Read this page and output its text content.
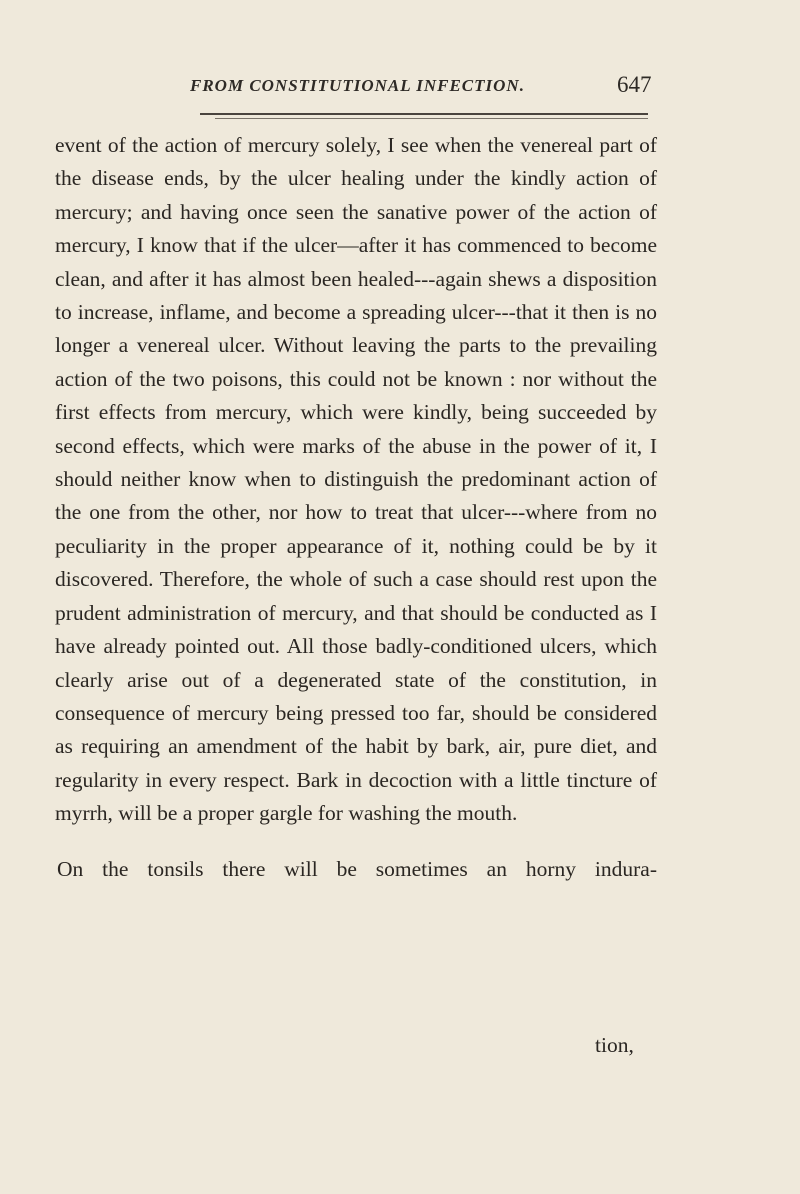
FROM CONSTITUTIONAL INFECTION.	647

event of the action of mercury solely, I see when the venereal part of the disease ends, by the ulcer healing under the kindly action of mercury; and having once seen the sanative power of the action of mercury, I know that if the ulcer—after it has commenced to become clean, and after it has almost been healed---again shews a disposition to increase, inflame, and become a spreading ulcer---that it then is no longer a venereal ulcer. Without leaving the parts to the prevailing action of the two poisons, this could not be known : nor without the first effects from mercury, which were kindly, being succeeded by second effects, which were marks of the abuse in the power of it, I should neither know when to distinguish the predominant action of the one from the other, nor how to treat that ulcer---where from no peculiarity in the proper appearance of it, nothing could be by it discovered. Therefore, the whole of such a case should rest upon the prudent administration of mercury, and that should be conducted as I have already pointed out. All those badly-conditioned ulcers, which clearly arise out of a degenerated state of the constitution, in consequence of mercury being pressed too far, should be considered as requiring an amendment of the habit by bark, air, pure diet, and regularity in every respect. Bark in decoction with a little tincture of myrrh, will be a proper gargle for washing the mouth.

On the tonsils there will be sometimes an horny indura-

tion,
